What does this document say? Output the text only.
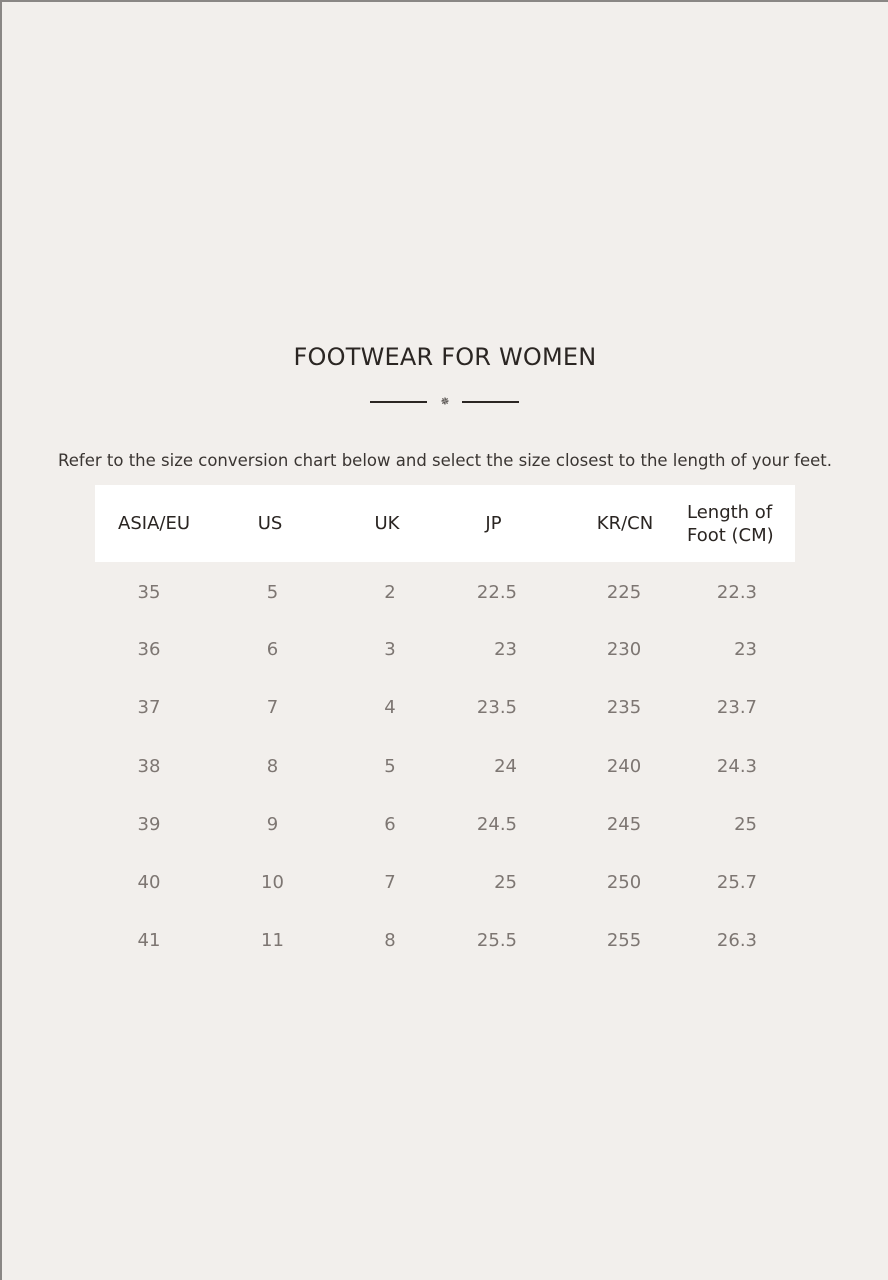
FOOTWEAR FOR WOMEN
✵

Refer to the size conversion chart below and select the size closest to the length of your feet.

ASIA/EU	US	UK	JP	KR/CN	Length of
Foot (CM)

35	5	2	22.5	225	22.3
36	6	3	23	230	23
37	7	4	23.5	235	23.7
38	8	5	24	240	24.3
39	9	6	24.5	245	25
40	10	7	25	250	25.7
41	11	8	25.5	255	26.3
